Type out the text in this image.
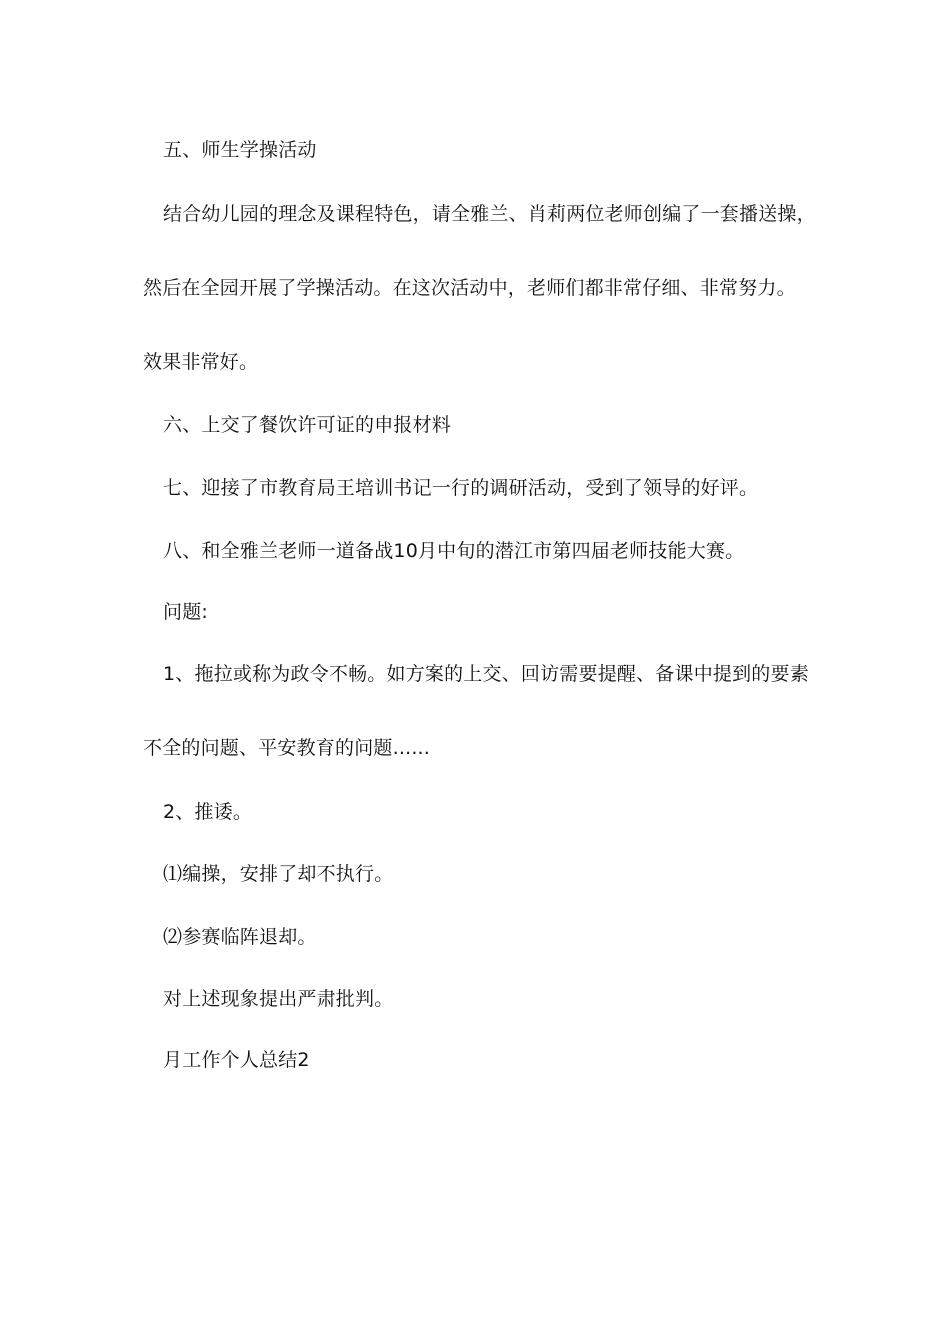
五、师生学操活动
结合幼儿园的理念及课程特色，请全雅兰、肖莉两位老师创编了一套播送操，
然后在全园开展了学操活动。在这次活动中，老师们都非常仔细、非常努力。
效果非常好。
六、上交了餐饮许可证的申报材料
七、迎接了市教育局王培训书记一行的调研活动，受到了领导的好评。
八、和全雅兰老师一道备战10月中旬的潜江市第四届老师技能大赛。
问题:
1、拖拉或称为政令不畅。如方案的上交、回访需要提醒、备课中提到的要素
不全的问题、平安教育的问题......
2、推诿。
⑴编操，安排了却不执行。
⑵参赛临阵退却。
对上述现象提出严肃批判。
月工作个人总结2
